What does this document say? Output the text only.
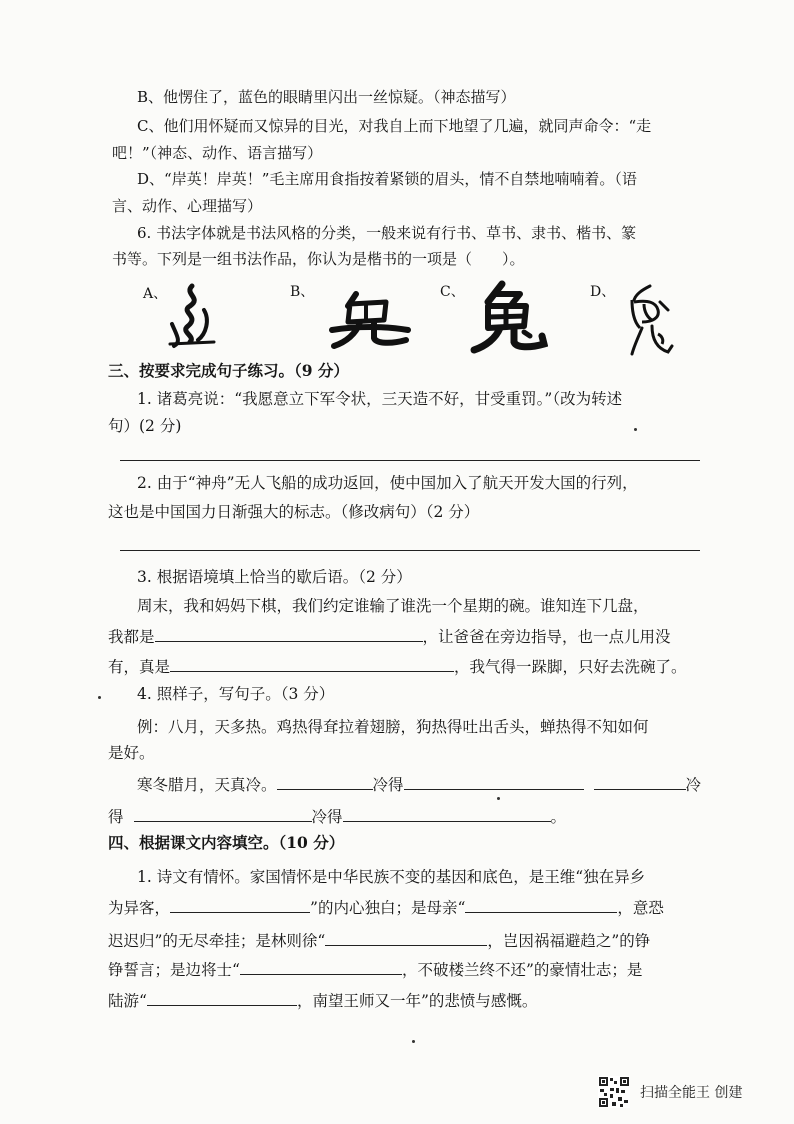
B、他愣住了，蓝色的眼睛里闪出一丝惊疑。（神态描写）
C、他们用怀疑而又惊异的目光，对我自上而下地望了几遍，就同声命令：“走
吧！”（神态、动作、语言描写）
D、“岸英！岸英！”毛主席用食指按着紧锁的眉头，情不自禁地喃喃着。（语
言、动作、心理描写）
6. 书法字体就是书法风格的分类，一般来说有行书、草书、隶书、楷书、篆
书等。下列是一组书法作品，你认为是楷书的一项是（　　）。
A、	B、	C、	D、
三、按要求完成句子练习。（9 分）
1. 诸葛亮说：“我愿意立下军令状，三天造不好，甘受重罚。”（改为转述
句）(2 分)
2. 由于“神舟”无人飞船的成功返回，使中国加入了航天开发大国的行列，
这也是中国国力日渐强大的标志。（修改病句）（2 分）
3. 根据语境填上恰当的歇后语。（2 分）
周末，我和妈妈下棋，我们约定谁输了谁洗一个星期的碗。谁知连下几盘，
我都是	，让爸爸在旁边指导，也一点儿用没
有，真是	，我气得一跺脚，只好去洗碗了。
4. 照样子，写句子。（3 分）
例：八月，天多热。鸡热得耷拉着翅膀，狗热得吐出舌头，蝉热得不知如何
是好。
寒冬腊月，天真冷。	冷得	冷
得	冷得	。
四、根据课文内容填空。（10 分）
1. 诗文有情怀。家国情怀是中华民族不变的基因和底色，是王维“独在异乡
为异客，	”的内心独白；是母亲“	，意恐
迟迟归”的无尽牵挂；是林则徐“	，岂因祸福避趋之”的铮
铮誓言；是边将士“	，不破楼兰终不还”的豪情壮志；是
陆游“	，南望王师又一年”的悲愤与感慨。
扫描全能王 创建
